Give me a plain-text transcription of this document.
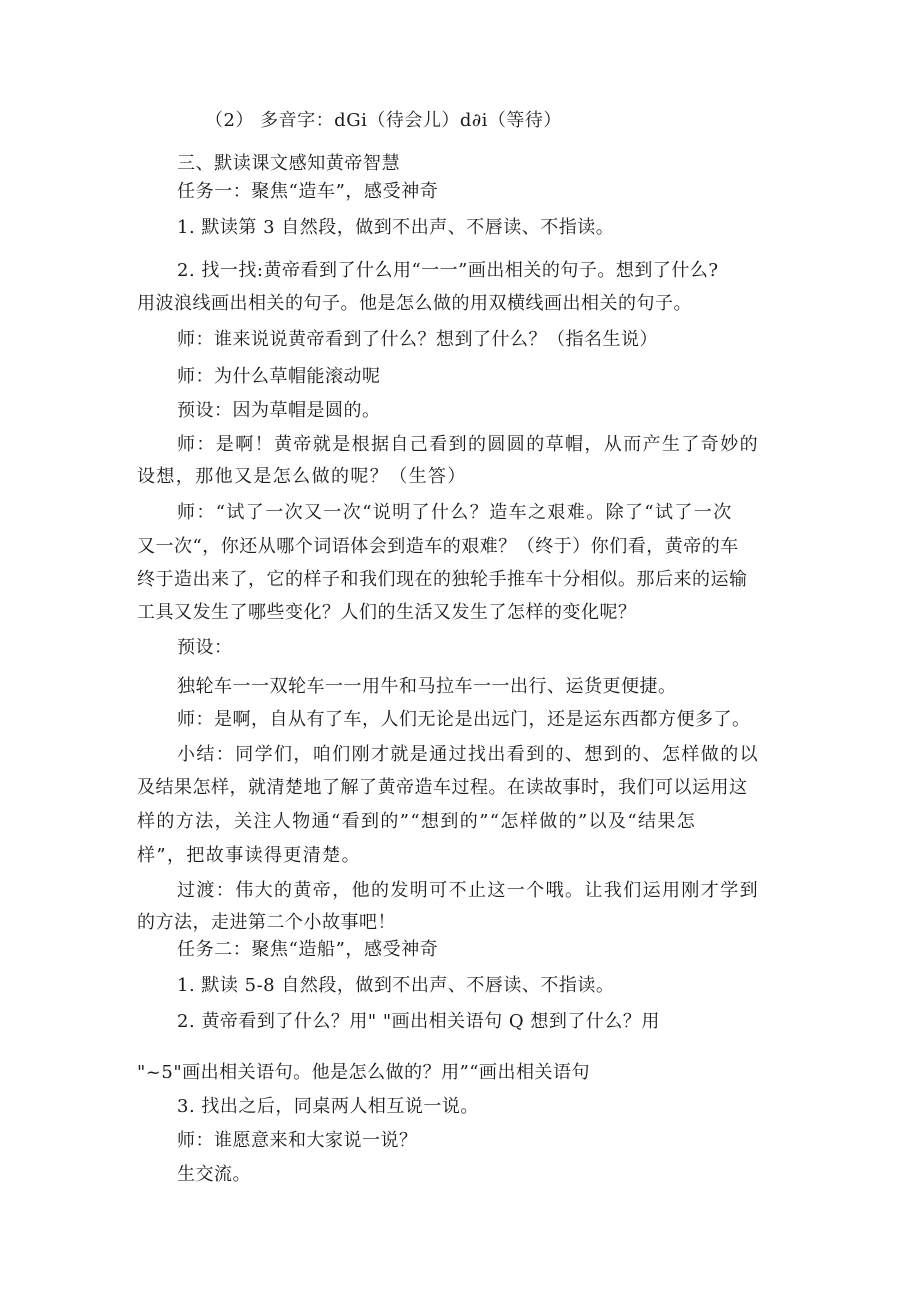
（2） 多音字：dGi（待会儿）d∂i（等待）
三、默读课文感知黄帝智慧
任务一：聚焦“造车”，感受神奇
1. 默读第 3 自然段，做到不出声、不唇读、不指读。
2. 找一找:黄帝看到了什么用“一一”画出相关的句子。想到了什么?
用波浪线画出相关的句子。他是怎么做的用双横线画出相关的句子。
师：谁来说说黄帝看到了什么？想到了什么？（指名生说）
师：为什么草帽能滚动呢
预设：因为草帽是圆的。
师：是啊！黄帝就是根据自己看到的圆圆的草帽，从而产生了奇妙的
设想，那他又是怎么做的呢？（生答）
师：“试了一次又一次“说明了什么？造车之艰难。除了“试了一次
又一次“，你还从哪个词语体会到造车的艰难？（终于）你们看，黄帝的车
终于造出来了，它的样子和我们现在的独轮手推车十分相似。那后来的运输
工具又发生了哪些变化？人们的生活又发生了怎样的变化呢？
预设：
独轮车一一双轮车一一用牛和马拉车一一出行、运货更便捷。
师：是啊，自从有了车，人们无论是出远门，还是运东西都方便多了。
小结：同学们，咱们刚才就是通过找出看到的、想到的、怎样做的以
及结果怎样，就清楚地了解了黄帝造车过程。在读故事时，我们可以运用这
样的方法，关注人物通“看到的”“想到的”“怎样做的”以及“结果怎
样”，把故事读得更清楚。
过渡：伟大的黄帝，他的发明可不止这一个哦。让我们运用刚才学到
的方法，走进第二个小故事吧！
任务二：聚焦“造船”，感受神奇
1. 默读 5-8 自然段，做到不出声、不唇读、不指读。
2. 黄帝看到了什么？用" "画出相关语句 Q 想到了什么？用
"~5"画出相关语句。他是怎么做的？用”“画出相关语句
3. 找出之后，同桌两人相互说一说。
师：谁愿意来和大家说一说？
生交流。
